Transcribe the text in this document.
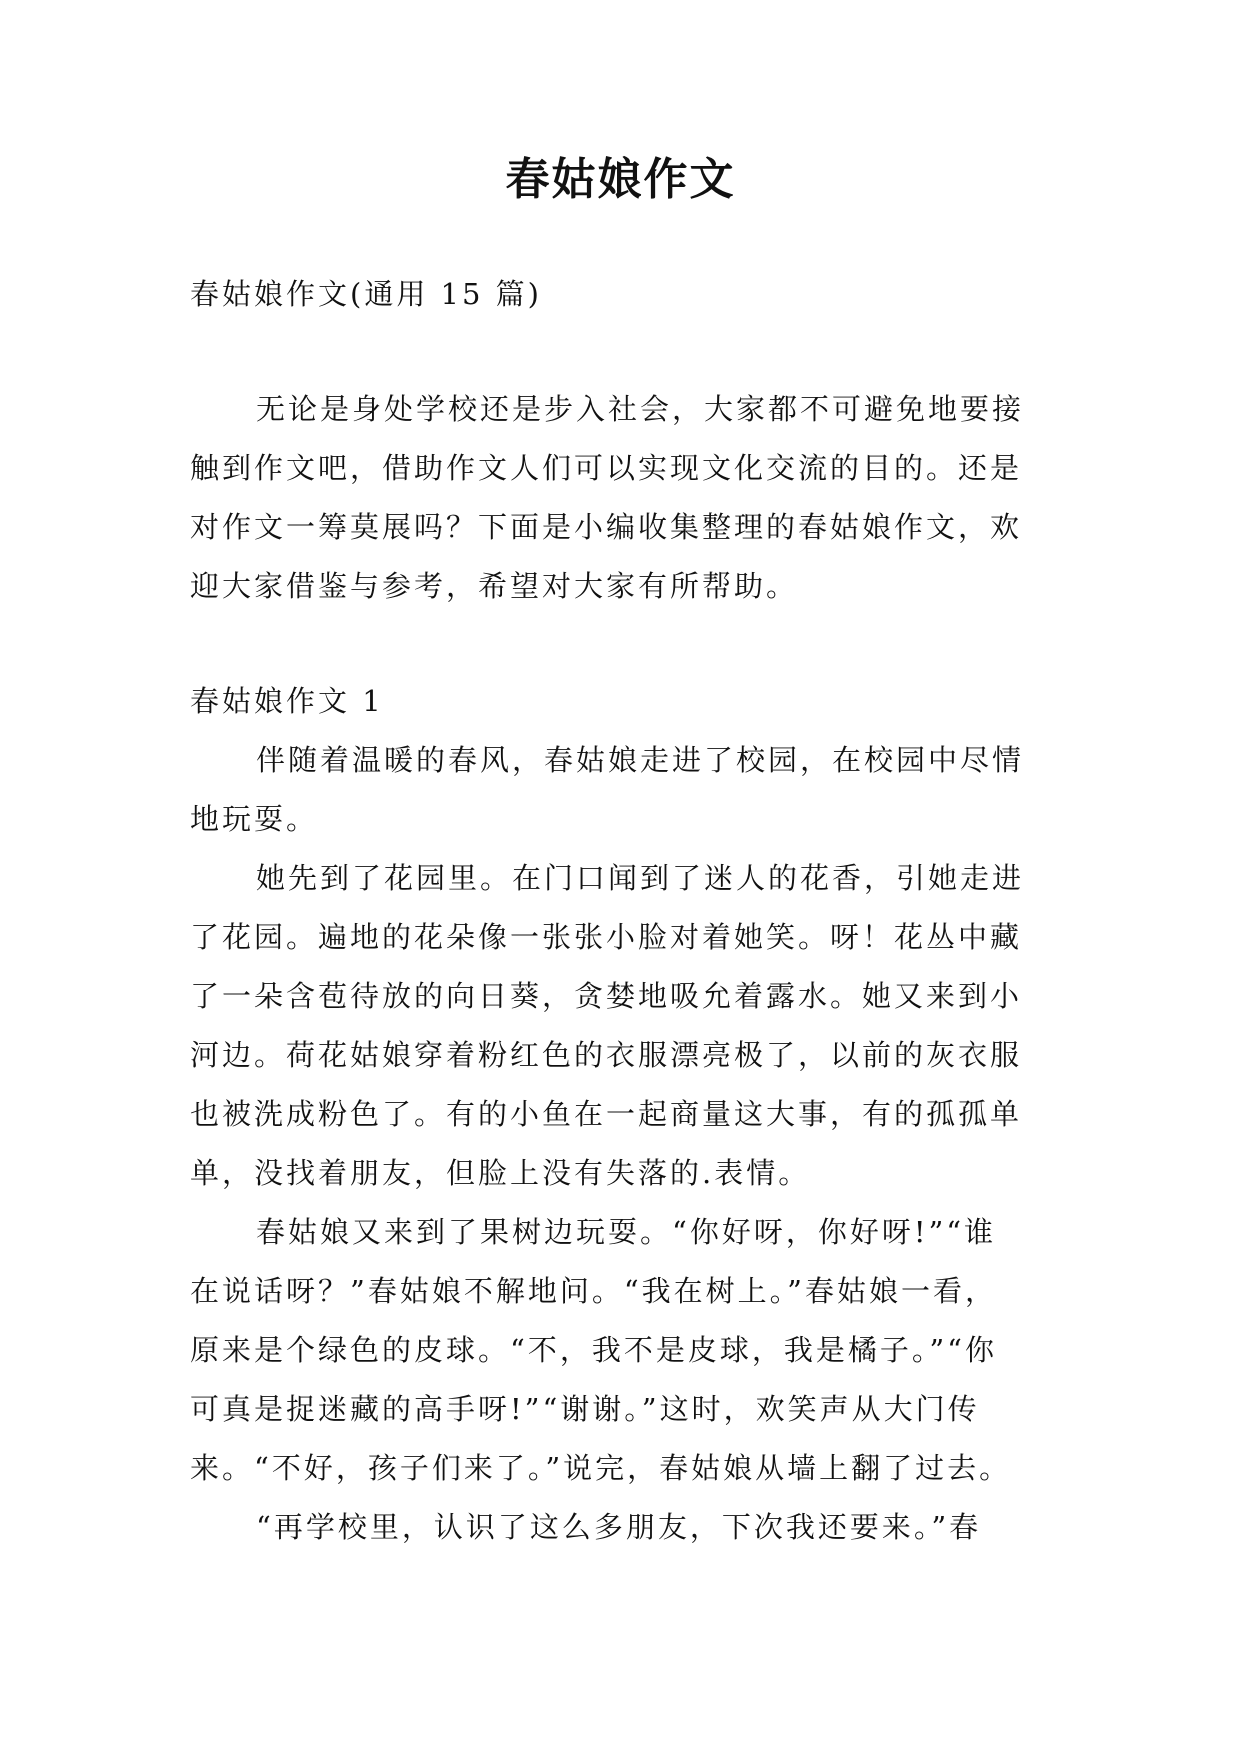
春姑娘作文
春姑娘作文(通用 15 篇)
无论是身处学校还是步入社会，大家都不可避免地要接
触到作文吧，借助作文人们可以实现文化交流的目的。还是
对作文一筹莫展吗？下面是小编收集整理的春姑娘作文，欢
迎大家借鉴与参考，希望对大家有所帮助。
春姑娘作文 1
伴随着温暖的春风，春姑娘走进了校园，在校园中尽情
地玩耍。
她先到了花园里。在门口闻到了迷人的花香，引她走进
了花园。遍地的花朵像一张张小脸对着她笑。呀！花丛中藏
了一朵含苞待放的向日葵，贪婪地吸允着露水。她又来到小
河边。荷花姑娘穿着粉红色的衣服漂亮极了，以前的灰衣服
也被洗成粉色了。有的小鱼在一起商量这大事，有的孤孤单
单，没找着朋友，但脸上没有失落的.表情。
春姑娘又来到了果树边玩耍。“你好呀，你好呀!”“谁
在说话呀？”春姑娘不解地问。“我在树上。”春姑娘一看，
原来是个绿色的皮球。“不，我不是皮球，我是橘子。”“你
可真是捉迷藏的高手呀!”“谢谢。”这时，欢笑声从大门传
来。“不好，孩子们来了。”说完，春姑娘从墙上翻了过去。
“再学校里，认识了这么多朋友，下次我还要来。”春
